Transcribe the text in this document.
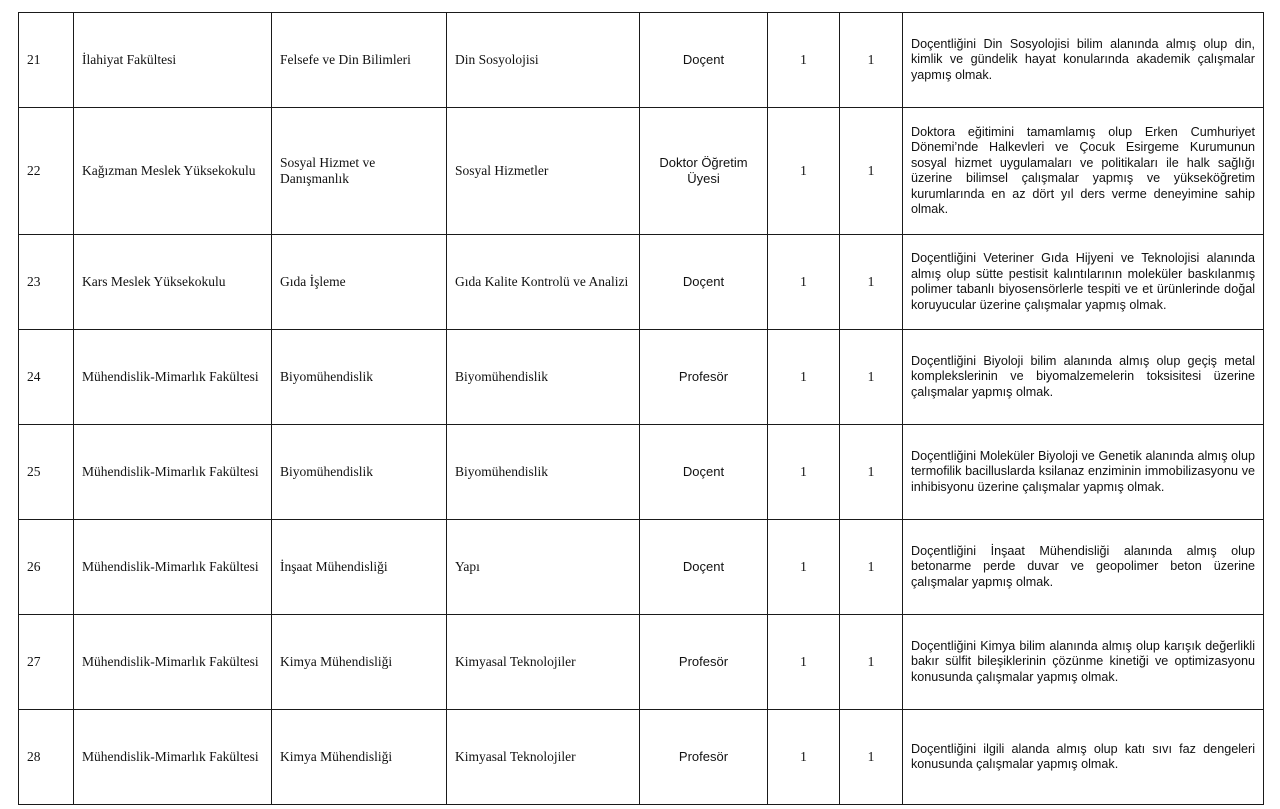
21	İlahiyat Fakültesi	Felsefe ve Din Bilimleri	Din Sosyolojisi	Doçent	1	1	Doçentliğini Din Sosyolojisi bilim alanında almış olup din, kimlik ve gündelik hayat konularında akademik çalışmalar yapmış olmak.
22	Kağızman Meslek Yüksekokulu	Sosyal Hizmet ve Danışmanlık	Sosyal Hizmetler	Doktor Öğretim Üyesi	1	1	Doktora eğitimini tamamlamış olup Erken Cumhuriyet Dönemi’nde Halkevleri ve Çocuk Esirgeme Kurumunun sosyal hizmet uygulamaları ve politikaları ile halk sağlığı üzerine bilimsel çalışmalar yapmış ve yükseköğretim kurumlarında en az dört yıl ders verme deneyimine sahip olmak.
23	Kars Meslek Yüksekokulu	Gıda İşleme	Gıda Kalite Kontrolü ve Analizi	Doçent	1	1	Doçentliğini Veteriner Gıda Hijyeni ve Teknolojisi alanında almış olup sütte pestisit kalıntılarının moleküler baskılanmış polimer tabanlı biyosensörlerle tespiti ve et ürünlerinde doğal koruyucular üzerine çalışmalar yapmış olmak.
24	Mühendislik-Mimarlık Fakültesi	Biyomühendislik	Biyomühendislik	Profesör	1	1	Doçentliğini Biyoloji bilim alanında almış olup geçiş metal komplekslerinin ve biyomalzemelerin toksisitesi üzerine çalışmalar yapmış olmak.
25	Mühendislik-Mimarlık Fakültesi	Biyomühendislik	Biyomühendislik	Doçent	1	1	Doçentliğini Moleküler Biyoloji ve Genetik alanında almış olup termofilik bacilluslarda ksilanaz enziminin immobilizasyonu ve inhibisyonu üzerine çalışmalar yapmış olmak.
26	Mühendislik-Mimarlık Fakültesi	İnşaat Mühendisliği	Yapı	Doçent	1	1	Doçentliğini İnşaat Mühendisliği alanında almış olup betonarme perde duvar ve geopolimer beton üzerine çalışmalar yapmış olmak.
27	Mühendislik-Mimarlık Fakültesi	Kimya Mühendisliği	Kimyasal Teknolojiler	Profesör	1	1	Doçentliğini Kimya bilim alanında almış olup karışık değerlikli bakır sülfit bileşiklerinin çözünme kinetiği ve optimizasyonu konusunda çalışmalar yapmış olmak.
28	Mühendislik-Mimarlık Fakültesi	Kimya Mühendisliği	Kimyasal Teknolojiler	Profesör	1	1	Doçentliğini ilgili alanda almış olup katı sıvı faz dengeleri konusunda çalışmalar yapmış olmak.
